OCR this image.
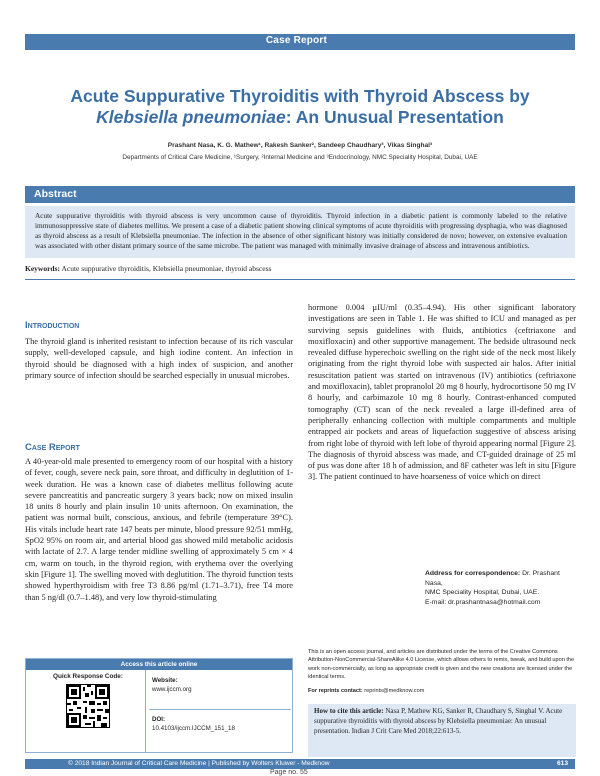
Case Report
Acute Suppurative Thyroiditis with Thyroid Abscess by
Klebsiella pneumoniae: An Unusual Presentation
Prashant Nasa, K. G. Mathew¹, Rakesh Sanker², Sandeep Chaudhary³, Vikas Singhal³
Departments of Critical Care Medicine, ¹Surgery, ²Internal Medicine and ³Endocrinology, NMC Speciality Hospital, Dubai, UAE
Abstract
Acute suppurative thyroiditis with thyroid abscess is very uncommon cause of thyroiditis. Thyroid infection in a diabetic patient is commonly labeled to the relative immunosuppressive state of diabetes mellitus. We present a case of a diabetic patient showing clinical symptoms of acute thyroiditis with progressing dysphagia, who was diagnosed as thyroid abscess as a result of Klebsiella pneumoniae. The infection in the absence of other significant history was initially considered de novo; however, on extensive evaluation was associated with other distant primary source of the same microbe. The patient was managed with minimally invasive drainage of abscess and intravenous antibiotics.
Keywords: Acute suppurative thyroiditis, Klebsiella pneumoniae, thyroid abscess
Introduction
The thyroid gland is inherited resistant to infection because of its rich vascular supply, well-developed capsule, and high iodine content. An infection in thyroid should be diagnosed with a high index of suspicion, and another primary source of infection should be searched especially in unusual microbes.
Case Report
A 40-year-old male presented to emergency room of our hospital with a history of fever, cough, severe neck pain, sore throat, and difficulty in deglutition of 1-week duration. He was a known case of diabetes mellitus following acute severe pancreatitis and pancreatic surgery 3 years back; now on mixed insulin 18 units 8 hourly and plain insulin 10 units afternoon. On examination, the patient was normal built, conscious, anxious, and febrile (temperature 39°C). His vitals include heart rate 147 beats per minute, blood pressure 92/51 mmHg, SpO2 95% on room air, and arterial blood gas showed mild metabolic acidosis with lactate of 2.7. A large tender midline swelling of approximately 5 cm × 4 cm, warm on touch, in the thyroid region, with erythema over the overlying skin [Figure 1]. The swelling moved with deglutition. The thyroid function tests showed hyperthyroidism with free T3 8.86 pg/ml (1.71–3.71), free T4 more than 5 ng/dl (0.7–1.48), and very low thyroid-stimulating
hormone 0.004 µIU/ml (0.35–4.94). His other significant laboratory investigations are seen in Table 1. He was shifted to ICU and managed as per surviving sepsis guidelines with fluids, antibiotics (ceftriaxone and moxifloxacin) and other supportive management. The bedside ultrasound neck revealed diffuse hyperechoic swelling on the right side of the neck most likely originating from the right thyroid lobe with suspected air halos. After initial resuscitation patient was started on intravenous (IV) antibiotics (ceftriaxone and moxifloxacin), tablet propranolol 20 mg 8 hourly, hydrocortisone 50 mg IV 8 hourly, and carbimazole 10 mg 8 hourly. Contrast-enhanced computed tomography (CT) scan of the neck revealed a large ill-defined area of peripherally enhancing collection with multiple compartments and multiple entrapped air pockets and areas of liquefaction suggestive of abscess arising from right lobe of thyroid with left lobe of thyroid appearing normal [Figure 2]. The diagnosis of thyroid abscess was made, and CT-guided drainage of 25 ml of pus was done after 18 h of admission, and 8F catheter was left in situ [Figure 3]. The patient continued to have hoarseness of voice which on direct
Address for correspondence: Dr. Prashant Nasa,
NMC Speciality Hospital, Dubai, UAE.
E-mail: dr.prashantnasa@hotmail.com
This is an open access journal, and articles are distributed under the terms of the Creative Commons Attribution-NonCommercial-ShareAlike 4.0 License, which allows others to remix, tweak, and build upon the work non-commercially, as long as appropriate credit is given and the new creations are licensed under the identical terms.
For reprints contact: reprints@medknow.com
How to cite this article: Nasa P, Mathew KG, Sanker R, Chaudhary S, Singhal V. Acute suppurative thyroiditis with thyroid abscess by Klebsiella pneumoniae: An unusual presentation. Indian J Crit Care Med 2018;22:613-5.
Access this article online
Quick Response Code:
Website:
www.ijccm.org
DOI:
10.4103/ijccm.IJCCM_151_18
© 2018 Indian Journal of Critical Care Medicine | Published by Wolters Kluwer - Medknow	613
Page no. 55
